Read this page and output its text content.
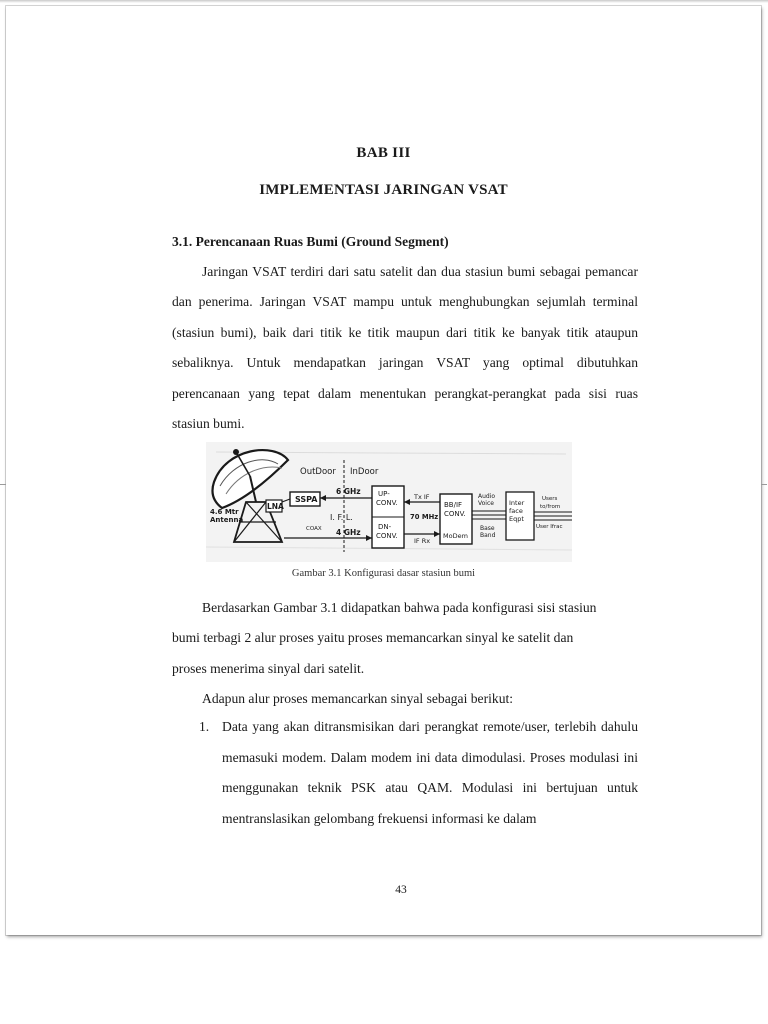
BAB III
IMPLEMENTASI JARINGAN VSAT
3.1. Perencanaan Ruas Bumi (Ground Segment)

Jaringan VSAT terdiri dari satu satelit dan dua stasiun bumi sebagai pemancar dan penerima. Jaringan VSAT mampu untuk menghubungkan sejumlah terminal (stasiun bumi), baik dari titik ke titik maupun dari titik ke banyak titik ataupun sebaliknya. Untuk mendapatkan jaringan VSAT yang optimal dibutuhkan perencanaan yang tepat dalam menentukan perangkat-perangkat pada sisi ruas stasiun bumi.

LNA
4.6 Mtr
Antenna
OutDoor InDoor
SSPA
6 GHz
I. F. L.
4 GHz
COAX
UP-
CONV.
DN-
CONV.
Tx IF
70 MHz
IF Rx
BB/IF
CONV.
MoDem
Audio
Voice
Base
Band
Inter
face
Eqpt
Users
to/from
User Ifrac

Gambar 3.1 Konfigurasi dasar stasiun bumi

Berdasarkan Gambar 3.1 didapatkan bahwa pada konfigurasi sisi stasiun bumi terbagi 2 alur proses yaitu proses memancarkan sinyal ke satelit dan proses menerima sinyal dari satelit.

Adapun alur proses memancarkan sinyal sebagai berikut:

1. Data yang akan ditransmisikan dari perangkat remote/user, terlebih dahulu memasuki modem. Dalam modem ini data dimodulasi. Proses modulasi ini menggunakan teknik PSK atau QAM. Modulasi ini bertujuan untuk mentranslasikan gelombang frekuensi informasi ke dalam

43
